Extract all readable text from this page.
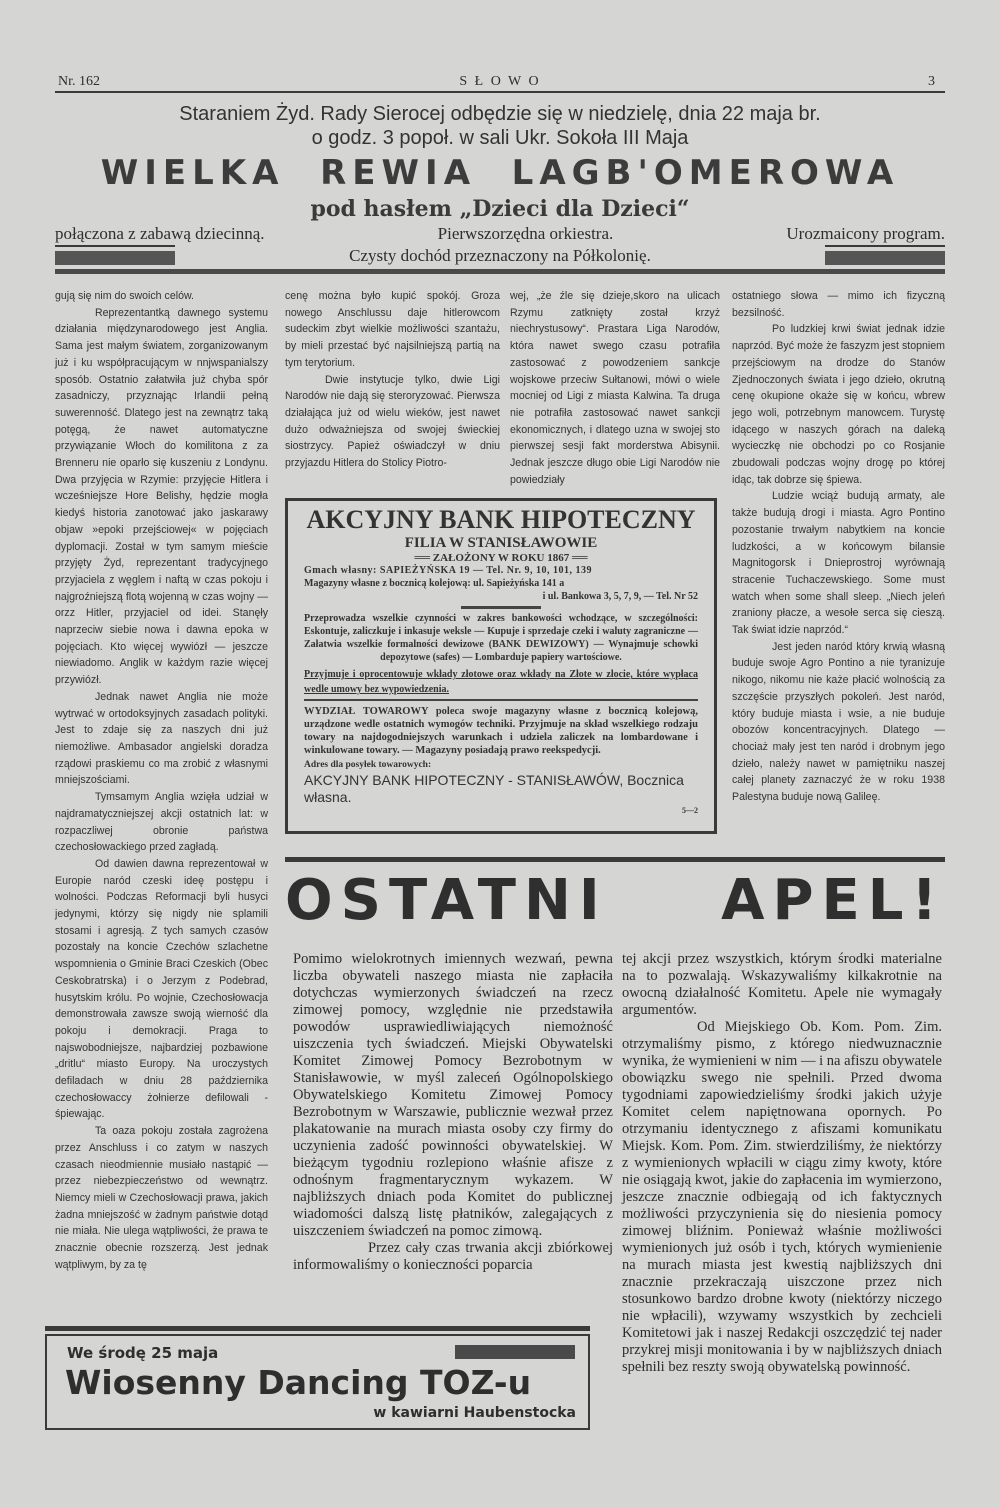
Nr. 162	S Ł O W O	3
Staraniem Żyd. Rady Sierocej odbędzie się w niedzielę, dnia 22 maja br.
o godz. 3 popoł. w sali Ukr. Sokoła III Maja
WIELKA  REWIA  LAGB'OMEROWA
pod hasłem „Dzieci dla Dzieci“
połączona z zabawą dziecinną.	Pierwszorzędna orkiestra.	Urozmaicony program.
Czysty dochód przeznaczony na Półkolonię.

gują się nim do swoich celów.

Reprezentantką dawnego systemu działania międzynarodowego jest Anglia. Sama jest małym światem, zorganizowanym już i ku współpracującym w nnjwspanialszy sposób. Ostatnio załatwiła już chyba spór zasadniczy, przyznając Irlandii pełną suwerenność. Dlatego jest na zewnątrz taką potęgą, że nawet automatyczne przywiązanie Włoch do komilitona z za Brenneru nie oparło się kuszeniu z Londynu. Dwa przyjęcia w Rzymie: przyjęcie Hitlera i wcześniejsze Hore Belishy, hędzie mogła kiedyś historia zanotować jako jaskarawy objaw »epoki przejściowej« w pojęciach dyplomacji. Został w tym samym mieście przyjęty Żyd, reprezentant tradycyjnego przyjaciela z węglem i naftą w czas pokoju i najgroźniejszą flotą wojenną w czas wojny — orzz Hitler, przyjaciel od idei. Stanęły naprzeciw siebie nowa i dawna epoka w pojęciach. Kto więcej wywiózł — jeszcze niewiadomo. Anglik w każdym razie więcej przywiózł.

Jednak nawet Anglia nie może wytrwać w ortodoksyjnych zasadach polityki. Jest to zdaje się za naszych dni już niemożliwe. Ambasador angielski doradza rządowi praskiemu co ma zrobić z własnymi mniejszościami.

Tymsamym Anglia wzięła udział w najdramatyczniejszej akcji ostatnich lat: w rozpaczliwej obronie państwa czechosłowackiego przed zagładą.

Od dawien dawna reprezentował w Europie naród czeski ideę postępu i wolności. Podczas Reformacji byli husyci jedynymi, którzy się nigdy nie splamili stosami i agresją. Z tych samych czasów pozostały na koncie Czechów szlachetne wspomnienia o Gminie Braci Czeskich (Obec Ceskobratrska) i o Jerzym z Podebrad, husytskim królu. Po wojnie, Czechosłowacja demonstrowała zawsze swoją wierność dla pokoju i demokracji. Praga to najswobodniejsze, najbardziej pozbawione „dritlu“ miasto Europy. Na uroczystych defiladach w dniu 28 października czechosłowaccy żołnierze defilowali - śpiewając.

Ta oaza pokoju została zagrożena przez Anschluss i co zatym w naszych czasach nieodmiennie musiało nastąpić — przez niebezpieczeństwo od wewnątrz. Niemcy mieli w Czechosłowacji prawa, jakich żadna mniejszość w żadnym państwie dotąd nie miała. Nie ulega wątpliwości, że prawa te znacznie obecnie rozszerzą. Jest jednak wątpliwym, by za tę

cenę można było kupić spokój. Groza nowego Anschlussu daje hitlerowcom sudeckim zbyt wielkie możliwości szantażu, by mieli przestać być najsilniejszą partią na tym terytorium.

Dwie instytucje tylko, dwie Ligi Narodów nie dają się steroryzować. Pierwsza działająca już od wielu wieków, jest nawet dużo odważniejsza od swojej świeckiej siostrzycy. Papież oświadczył w dniu przyjazdu Hitlera do Stolicy Piotro-

wej, „że źle się dzieje,skoro na ulicach Rzymu zatknięty został krzyż niechrystusowy“. Prastara Liga Narodów, która nawet swego czasu potrafiła zastosować z powodzeniem sankcje wojskowe przeciw Sułtanowi, mówi o wiele mocniej od Ligi z miasta Kalwina. Ta druga nie potrafiła zastosować nawet sankcji ekonomicznych, i dlatego uzna w swojej sto pierwszej sesji fakt morderstwa Abisynii. Jednak jeszcze długo obie Ligi Narodów nie powiedziały

ostatniego słowa — mimo ich fizyczną bezsilność.

Po ludzkiej krwi świat jednak idzie naprzód. Być może że faszyzm jest stopniem przejściowym na drodze do Stanów Zjednoczonych świata i jego dzieło, okrutną cenę okupione okaże się w końcu, wbrew jego woli, potrzebnym manowcem. Turystę idącego w naszych górach na daleką wycieczkę nie obchodzi po co Rosjanie zbudowali podczas wojny drogę po której idąc, tak dobrze się śpiewa.

Ludzie wciąż budują armaty, ale także budują drogi i miasta. Agro Pontino pozostanie trwałym nabytkiem na koncie ludzkości, a w końcowym bilansie Magnitogorsk i Dnieprostroj wyrównają stracenie Tuchaczewskiego. Some must watch when some shall sleep. „Niech jeleń zraniony płacze, a wesołe serca się cieszą. Tak świat idzie naprzód.“

Jest jeden naród który krwią własną buduje swoje Agro Pontino a nie tyranizuje nikogo, nikomu nie każe płacić wolnością za szczęście przyszłych pokoleń. Jest naród, który buduje miasta i wsie, a nie buduje obozów koncentracyjnych. Dlatego — chociaż mały jest ten naród i drobnym jego dzieło, należy nawet w pamiętniku naszej całej planety zaznaczyć że w roku 1938 Palestyna buduje nową Galileę.

AKCYJNY BANK HIPOTECZNY
FILIA W STANISŁAWOWIE
══ ZAŁOŻONY W ROKU 1867 ══
Gmach własny: SAPIEŻYŃSKA 19 — Tel. Nr. 9, 10, 101, 139
Magazyny własne z bocznicą kolejową: ul. Sapieżyńska 141 a
i ul. Bankowa 3, 5, 7, 9, — Tel. Nr 52
Przeprowadza wszelkie czynności w zakres bankowości wchodzące, w szczególności: Eskontuje, zaliczkuje i inkasuje weksle — Kupuje i sprzedaje czeki i waluty zagraniczne — Załatwia wszelkie formalności dewizowe (BANK DEWIZOWY) — Wynajmuje schowki depozytowe (safes) — Lombarduje papiery wartościowe.
Przyjmuje i oprocentowuje wkłady złotowe oraz wkłady na Złote w złocie, które wypłaca wedle umowy bez wypowiedzenia.
WYDZIAŁ TOWAROWY poleca swoje magazyny własne z bocznicą kolejową, urządzone wedle ostatnich wymogów techniki. Przyjmuje na skład wszelkiego rodzaju towary na najdogodniejszych warunkach i udziela zaliczek na lombardowane i winkulowane towary. — Magazyny posiadają prawo reekspedycji.
Adres dla posyłek towarowych:
AKCYJNY BANK HIPOTECZNY - STANISŁAWÓW, Bocznica własna.
5—2
OSTATNI APEL!

Pomimo wielokrotnych imiennych wezwań, pewna liczba obywateli naszego miasta nie zapłaciła dotychczas wymierzonych świadczeń na rzecz zimowej pomocy, względnie nie przedstawiła powodów usprawiedliwiających niemożność uiszczenia tych świadczeń. Miejski Obywatelski Komitet Zimowej Pomocy Bezrobotnym w Stanisławowie, w myśl zaleceń Ogólnopolskiego Obywatelskiego Komitetu Zimowej Pomocy Bezrobotnym w Warszawie, publicznie wezwał przez plakatowanie na murach miasta osoby czy firmy do uczynienia zadość powinności obywatelskiej. W bieżącym tygodniu rozlepiono właśnie afisze z odnośnym fragmentarycznym wykazem. W najbliższych dniach poda Komitet do publicznej wiadomości dalszą listę płatników, zalegających z uiszczeniem świadczeń na pomoc zimową.

Przez cały czas trwania akcji zbiórkowej informowaliśmy o konieczności poparcia

tej akcji przez wszystkich, którym środki materialne na to pozwalają. Wskazywaliśmy kilkakrotnie na owocną działalność Komitetu. Apele nie wymagały argumentów.

Od Miejskiego Ob. Kom. Pom. Zim. otrzymaliśmy pismo, z którego niedwuznacznie wynika, że wymienieni w nim — i na afiszu obywatele obowiązku swego nie spełnili. Przed dwoma tygodniami zapowiedzieliśmy środki jakich użyje Komitet celem napiętnowana opornych. Po otrzymaniu identycznego z afiszami komunikatu Miejsk. Kom. Pom. Zim. stwierdziliśmy, że niektórzy z wymienionych wpłacili w ciągu zimy kwoty, które nie osiągają kwot, jakie do zapłacenia im wymierzono, jeszcze znacznie odbiegają od ich faktycznych możliwości przyczynienia się do niesienia pomocy zimowej bliźnim. Ponieważ właśnie możliwości wymienionych już osób i tych, których wymienienie na murach miasta jest kwestią najbliższych dni znacznie przekraczają uiszczone przez nich stosunkowo bardzo drobne kwoty (niektórzy niczego nie wpłacili), wzywamy wszystkich by zechcieli Komitetowi jak i naszej Redakcji oszczędzić tej nader przykrej misji monitowania i by w najbliższych dniach spełnili bez reszty swoją obywatelską powinność.

We środę 25 maja
Wiosenny Dancing TOZ-u
w kawiarni Haubenstocka
